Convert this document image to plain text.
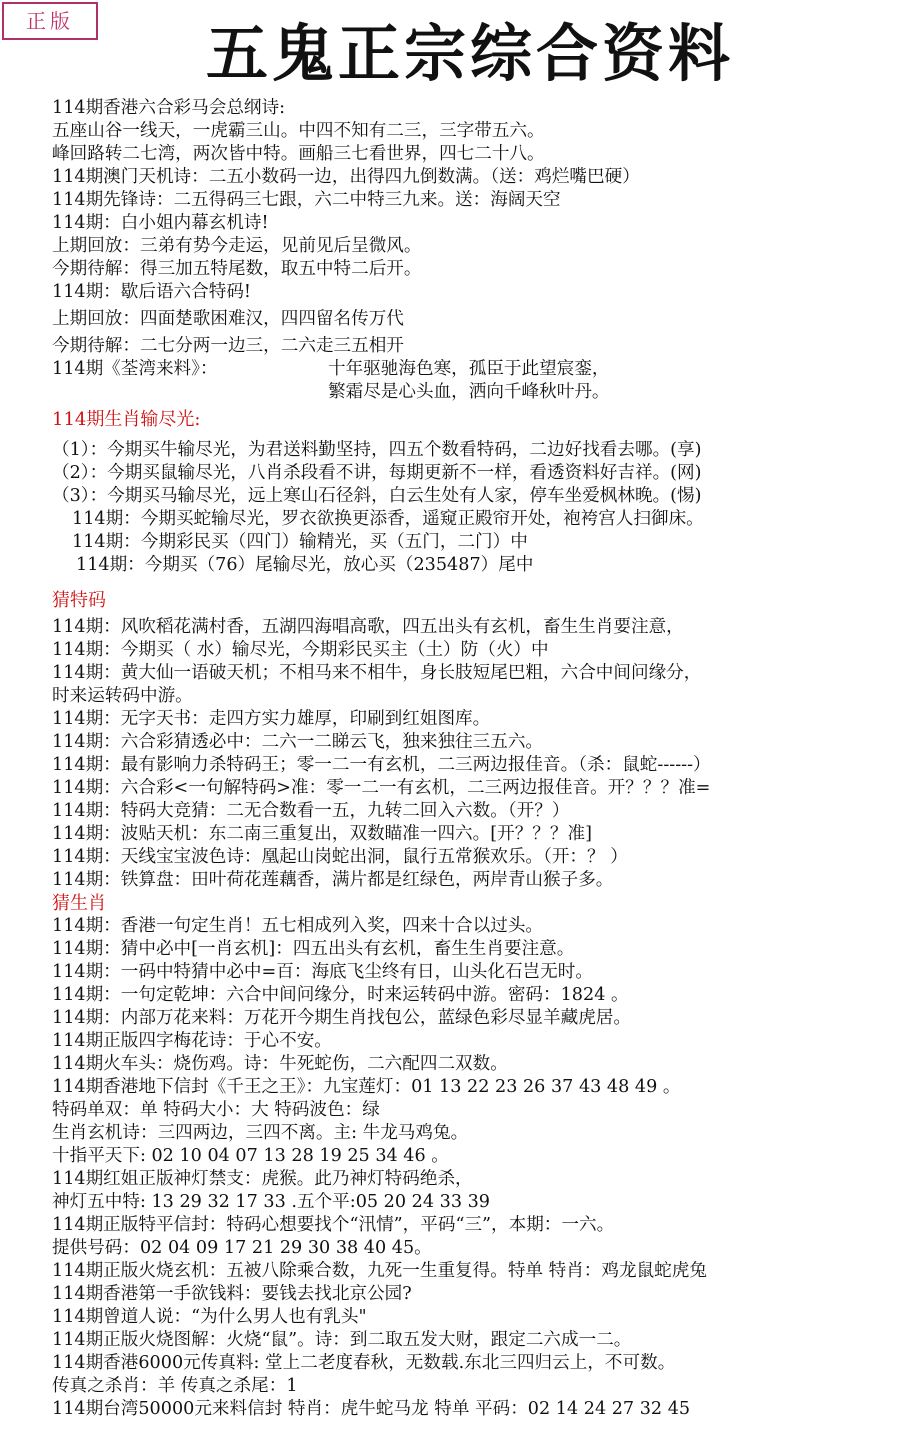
正版	五鬼正宗综合资料
114期香港六合彩马会总纲诗:
五座山谷一线天，一虎霸三山。中四不知有二三，三字带五六。
峰回路转二七湾，两次皆中特。画船三七看世界，四七二十八。
114期澳门天机诗：二五小数码一边，出得四九倒数满。（送：鸡烂嘴巴硬）
114期先锋诗：二五得码三七跟，六二中特三九来。送：海阔天空
114期：白小姐内幕玄机诗!
上期回放：三弟有势今走运，见前见后呈微风。
今期待解：得三加五特尾数，取五中特二后开。
114期：歇后语六合特码!
上期回放：四面楚歌困难汉，四四留名传万代
今期待解：二七分两一边三，二六走三五相开
114期《荃湾来料》：	十年驱驰海色寒，孤臣于此望宸銮，
繁霜尽是心头血，洒向千峰秋叶丹。
114期生肖输尽光:
（1）：今期买牛输尽光，为君送料勤坚持，四五个数看特码，二边好找看去哪。(享)
（2）：今期买鼠输尽光，八肖杀段看不讲，每期更新不一样，看透资料好吉祥。(网)
（3）：今期买马输尽光，远上寒山石径斜，白云生处有人家，停车坐爱枫林晚。(惕)
114期：今期买蛇输尽光，罗衣欲换更添香，遥窥正殿帘开处，袍袴宫人扫御床。
114期：今期彩民买（四门）输精光，买（五门，二门）中
114期：今期买（76）尾输尽光，放心买（235487）尾中
猜特码
114期：风吹稻花满村香，五湖四海唱高歌，四五出头有玄机，畜生生肖要注意，
114期：今期买（ 水）输尽光，今期彩民买主（土）防（火）中
114期：黄大仙一语破天机；不相马来不相牛，身长肢短尾巴粗，六合中间问缘分，
时来运转码中游。
114期：无字天书：走四方实力雄厚，印刷到红姐图库。
114期：六合彩猜透必中：二六一二睇云飞，独来独往三五六。
114期：最有影响力杀特码王；零一二一有玄机，二三两边报佳音。（杀：鼠蛇------）
114期：六合彩<一句解特码>准：零一二一有玄机，二三两边报佳音。开？？？准=
114期：特码大竞猜：二无合数看一五，九转二回入六数。（开？）
114期：波贴天机：东二南三重复出，双数瞄准一四六。[开？？？准]
114期：天线宝宝波色诗：凰起山岗蛇出洞，鼠行五常猴欢乐。（开：？ ）
114期：铁算盘：田叶荷花莲藕香，满片都是红绿色，两岸青山猴子多。
猜生肖
114期：香港一句定生肖！五七相成列入奖，四来十合以过头。
114期：猜中必中[一肖玄机]：四五出头有玄机，畜生生肖要注意。
114期：一码中特猜中必中=百：海底飞尘终有日，山头化石岂无时。
114期：一句定乾坤：六合中间问缘分，时来运转码中游。密码：1824 。
114期：内部万花来料：万花开今期生肖找包公，蓝绿色彩尽显羊藏虎居。
114期正版四字梅花诗：于心不安。
114期火车头：烧伤鸡。诗：牛死蛇伤，二六配四二双数。
114期香港地下信封《千王之王》：九宝莲灯：01 13 22 23 26 37 43 48 49 。
特码单双：单 特码大小：大 特码波色：绿
生肖玄机诗：三四两边，三四不离。主: 牛龙马鸡兔。
十指平天下: 02 10 04 07 13 28 19 25 34 46 。
114期红姐正版神灯禁支：虎猴。此乃神灯特码绝杀，
神灯五中特: 13 29 32 17 33 .五个平:05 20 24 33 39
114期正版特平信封：特码心想要找个“汛情”，平码“三”，本期：一六。
提供号码：02 04 09 17 21 29 30 38 40 45。
114期正版火烧玄机：五被八除乘合数，九死一生重复得。特单 特肖：鸡龙鼠蛇虎兔
114期香港第一手欲钱料：要钱去找北京公园?
114期曾道人说：“为什么男人也有乳头"
114期正版火烧图解：火烧“鼠”。诗：到二取五发大财，跟定二六成一二。
114期香港6000元传真料: 堂上二老度春秋，无数载.东北三四归云上，不可数。
传真之杀肖：羊 传真之杀尾：1
114期台湾50000元来料信封 特肖：虎牛蛇马龙 特单 平码：02 14 24 27 32 45
